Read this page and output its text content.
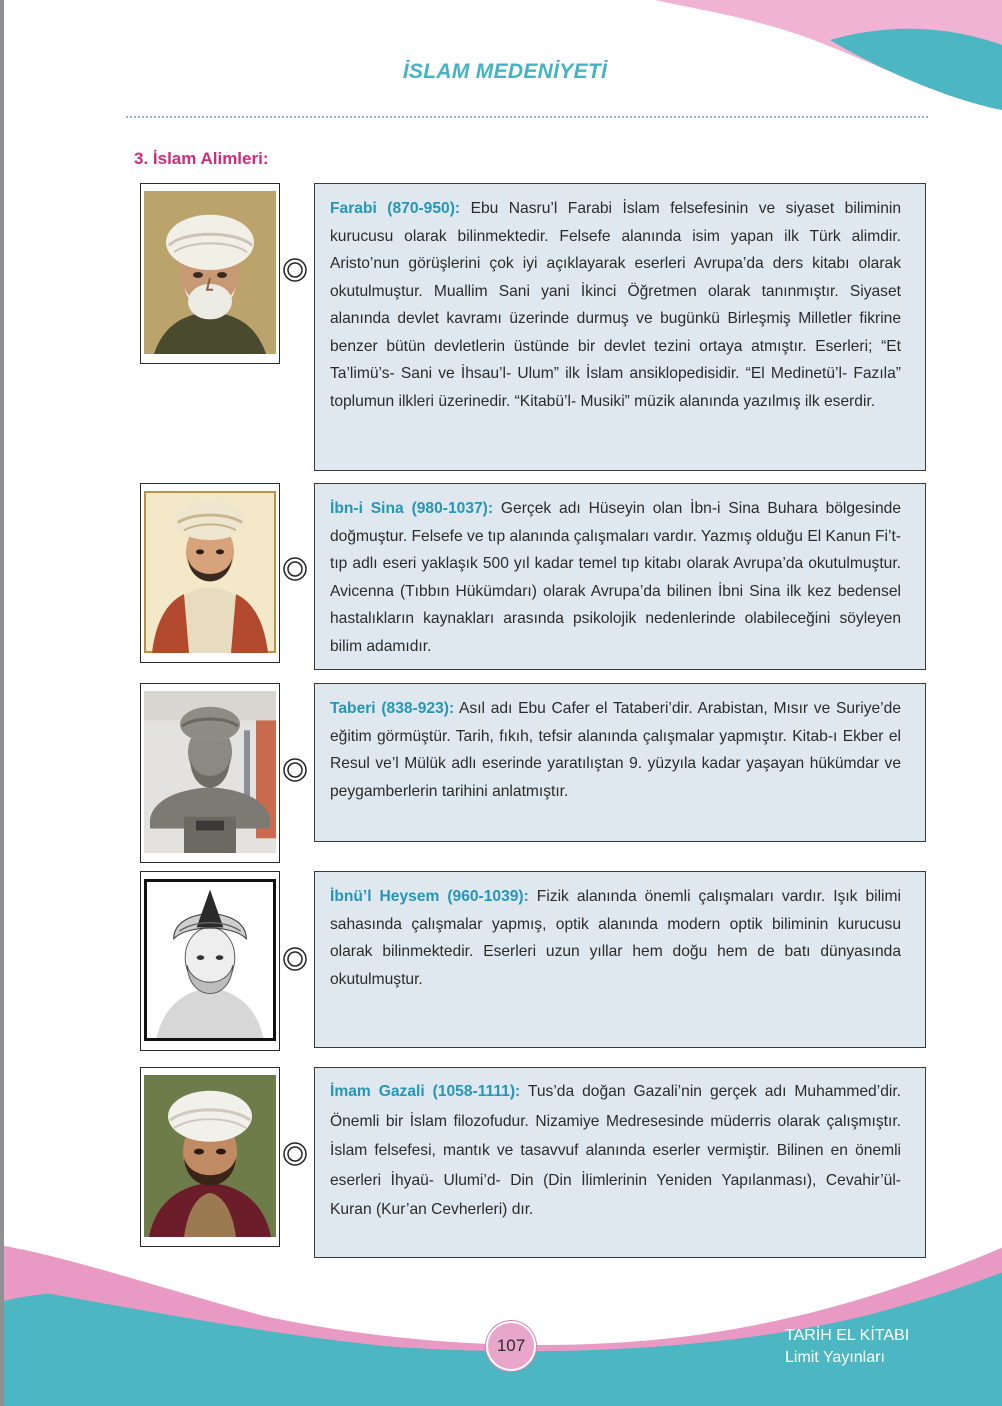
İSLAM MEDENİYETİ
3. İslam Alimleri:
Farabi (870-950): Ebu Nasru’l Farabi İslam felsefesinin ve siyaset biliminin kurucusu olarak bilinmektedir. Felsefe alanında isim yapan ilk Türk alimdir. Aristo’nun görüşlerini çok iyi açıklayarak eserleri Avrupa’da ders kitabı olarak okutulmuştur. Muallim Sani yani İkinci Öğretmen olarak tanınmıştır. Siyaset alanında devlet kavramı üzerinde durmuş ve bugünkü Birleşmiş Milletler fikrine benzer bütün devletlerin üstünde bir devlet tezini ortaya atmıştır. Eserleri; “Et Ta’limü’s- Sani ve İhsau’l- Ulum” ilk İslam ansiklopedisidir. “El Medinetü’l- Fazıla” toplumun ilkleri üzerinedir. “Kitabü’l- Musiki” müzik alanında yazılmış ilk eserdir.
İbn-i Sina (980-1037): Gerçek adı Hüseyin olan İbn-i Sina Buhara bölgesinde doğmuştur. Felsefe ve tıp alanında çalışmaları vardır. Yazmış olduğu El Kanun Fi’t- tıp adlı eseri yaklaşık 500 yıl kadar temel tıp kitabı olarak Avrupa’da okutulmuştur. Avicenna (Tıbbın Hükümdarı) olarak Avrupa’da bilinen İbni Sina ilk kez bedensel hastalıkların kaynakları arasında psikolojik nedenlerinde olabileceğini söyleyen bilim adamıdır.
Taberi (838-923): Asıl adı Ebu Cafer el Tataberi’dir. Arabistan, Mısır ve Suriye’de eğitim görmüştür. Tarih, fıkıh, tefsir alanında çalışmalar yapmıştır. Kitab-ı Ekber el Resul ve’l Mülük adlı eserinde yaratılıştan 9. yüzyıla kadar yaşayan hükümdar ve peygamberlerin tarihini anlatmıştır.
İbnü’l Heysem (960-1039): Fizik alanında önemli çalışmaları vardır. Işık bilimi sahasında çalışmalar yapmış, optik alanında modern optik biliminin kurucusu olarak bilinmektedir. Eserleri uzun yıllar hem doğu hem de batı dünyasında okutulmuştur.
İmam Gazali (1058-1111): Tus’da doğan Gazali’nin gerçek adı Muhammed’dir. Önemli bir İslam filozofudur. Nizamiye Medresesinde müderris olarak çalışmıştır. İslam felsefesi, mantık ve tasavvuf alanında eserler vermiştir. Bilinen en önemli eserleri İhyaü- Ulumi’d- Din (Din İlimlerinin Yeniden Yapılanması), Cevahir’ül- Kuran (Kur’an Cevherleri) dır.
107
TARİH EL KİTABI
Limit Yayınları
